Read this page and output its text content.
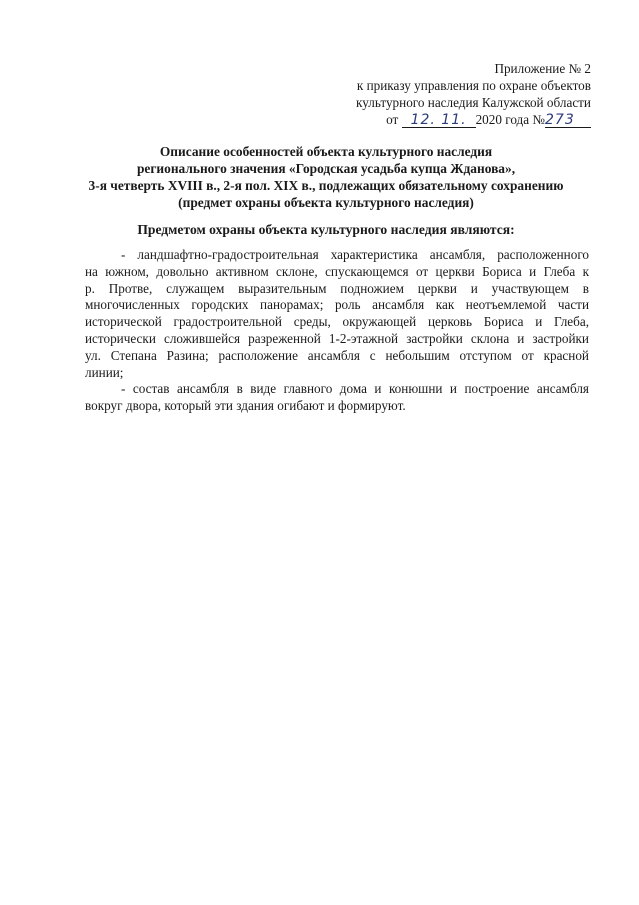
Приложение № 2
к приказу управления по охране объектов
культурного наследия Калужской области
от 12. 11. 2020 года №273
Описание особенностей объекта культурного наследия
регионального значения «Городская усадьба купца Жданова»,
3-я четверть XVIII в., 2-я пол. XIX в., подлежащих обязательному сохранению
(предмет охраны объекта культурного наследия)
Предметом охраны объекта культурного наследия являются:
- ландшафтно-градостроительная характеристика ансамбля, расположенного
на южном, довольно активном склоне, спускающемся от церкви Бориса и Глеба к
р. Протве, служащем выразительным подножием церкви и участвующем в
многочисленных городских панорамах; роль ансамбля как неотъемлемой части
исторической градостроительной среды, окружающей церковь Бориса и Глеба,
исторически сложившейся разреженной 1-2-этажной застройки склона и застройки
ул. Степана Разина; расположение ансамбля с небольшим отступом от красной
линии;
- состав ансамбля в виде главного дома и конюшни и построение ансамбля
вокруг двора, который эти здания огибают и формируют.
